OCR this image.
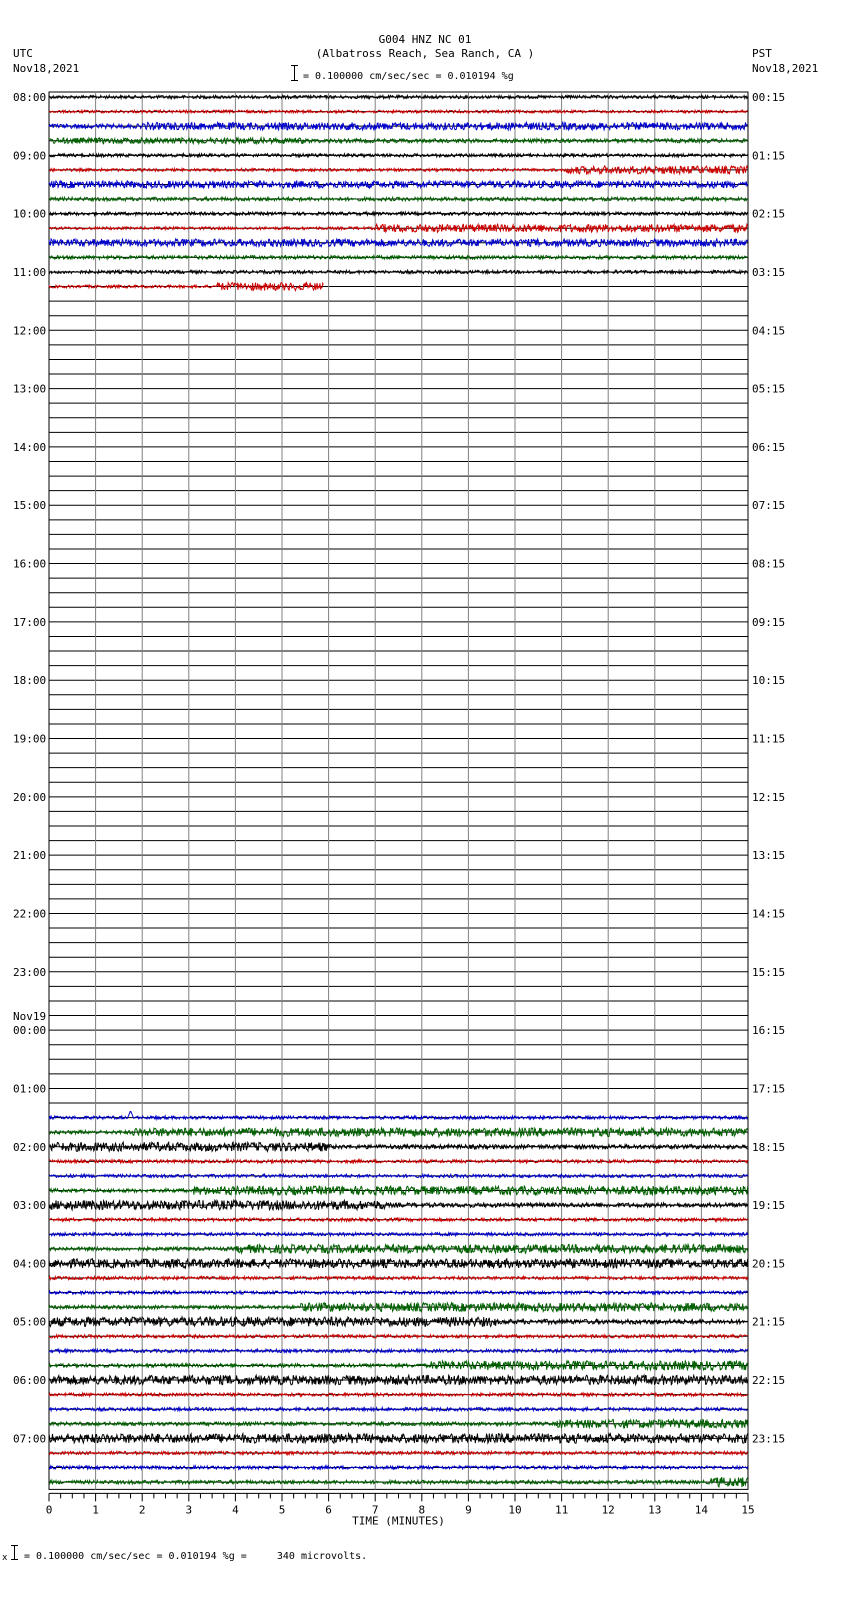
G004 HNZ NC 01
(Albatross Reach, Sea Ranch, CA )
= 0.100000 cm/sec/sec = 0.010194 %g
UTC
Nov18,2021
PST
Nov18,2021
0	1	2	3	4	5	6	7	8	9	10	11	12	13	14	15
TIME (MINUTES)
08:00
09:00
10:00
11:00
12:00
13:00
14:00
15:00
16:00
17:00
18:00
19:00
20:00
21:00
22:00
23:00
00:00
Nov19
01:00
02:00
03:00
04:00
05:00
06:00
07:00
00:15
01:15
02:15
03:15
04:15
05:15
06:15
07:15
08:15
09:15
10:15
11:15
12:15
13:15
14:15
15:15
16:15
17:15
18:15
19:15
20:15
21:15
22:15
23:15
x = 0.100000 cm/sec/sec = 0.010194 %g =     340 microvolts.
